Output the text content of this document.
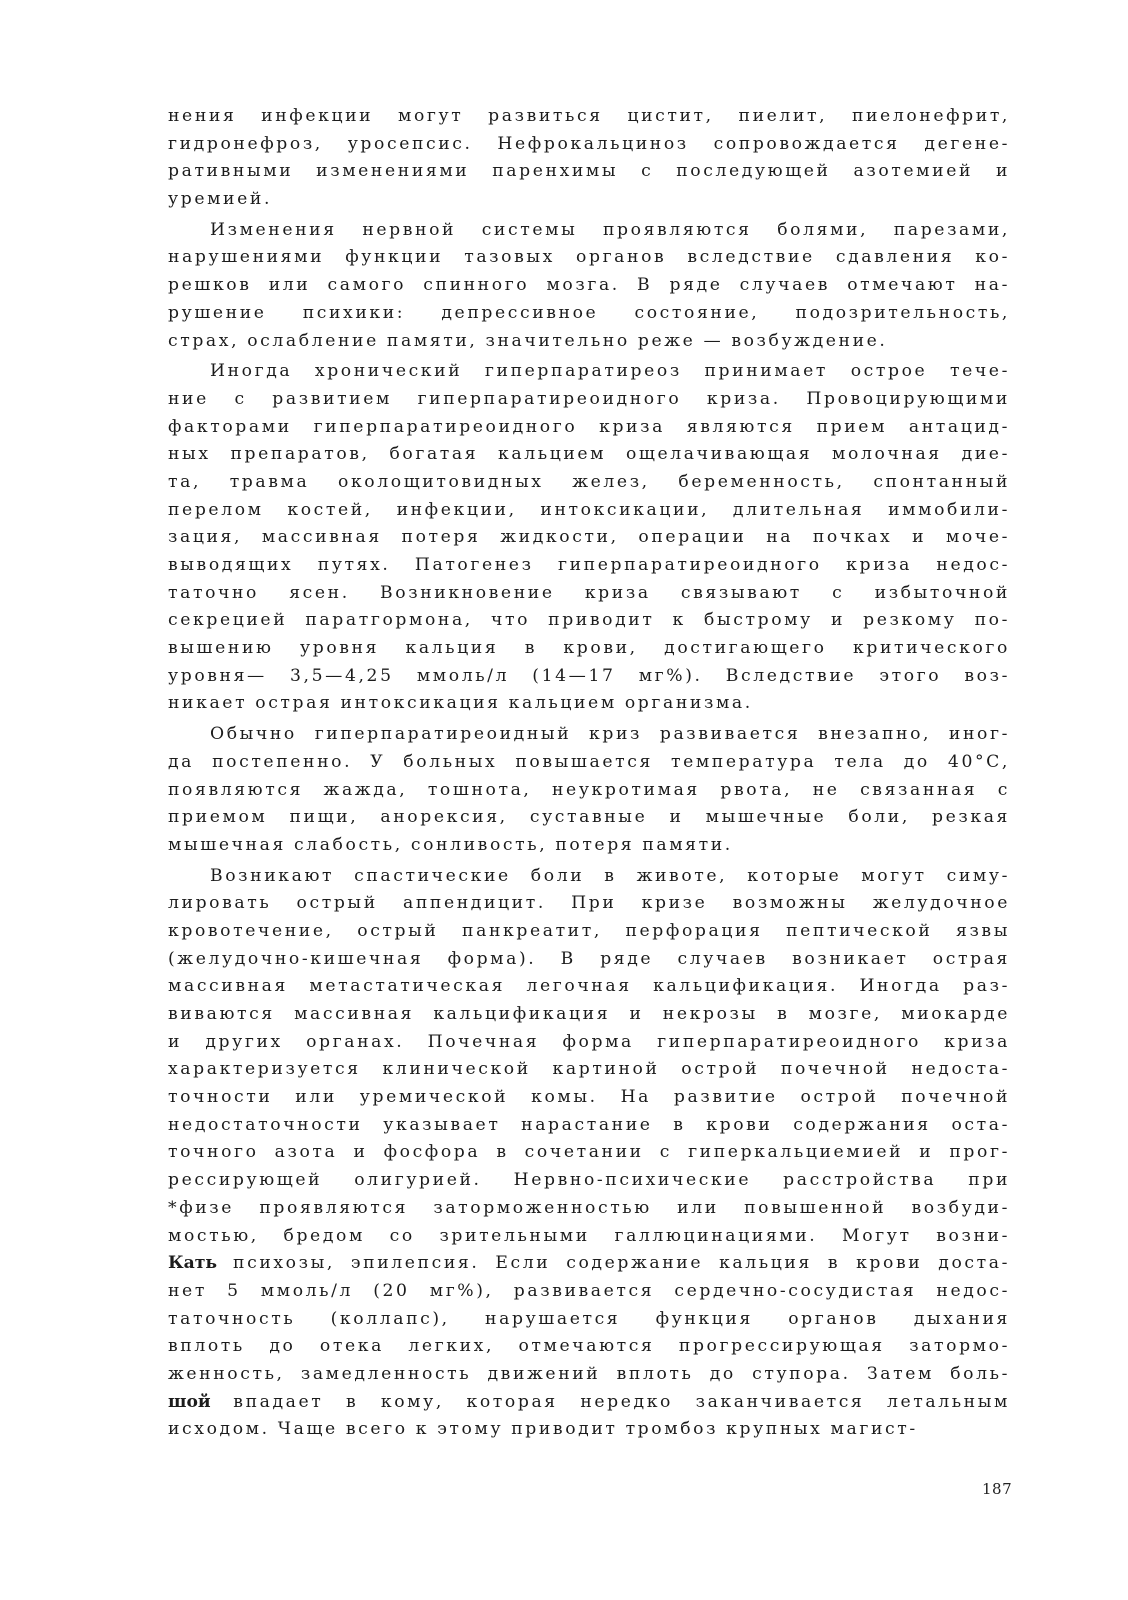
нения инфекции могут развиться цистит, пиелит, пиелонефрит,
гидронефроз, уросепсис. Нефрокальциноз сопровождается дегене-
ративными изменениями паренхимы с последующей азотемией и
уремией.
Изменения нервной системы проявляются болями, парезами,
нарушениями функции тазовых органов вследствие сдавления ко-
решков или самого спинного мозга. В ряде случаев отмечают на-
рушение психики: депрессивное состояние, подозрительность,
страх, ослабление памяти, значительно реже — возбуждение.
Иногда хронический гиперпаратиреоз принимает острое тече-
ние с развитием гиперпаратиреоидного криза. Провоцирующими
факторами гиперпаратиреоидного криза являются прием антацид-
ных препаратов, богатая кальцием ощелачивающая молочная дие-
та, травма околощитовидных желез, беременность, спонтанный
перелом костей, инфекции, интоксикации, длительная иммобили-
зация, массивная потеря жидкости, операции на почках и моче-
выводящих путях. Патогенез гиперпаратиреоидного криза недос-
таточно ясен. Возникновение криза связывают с избыточной
секрецией паратгормона, что приводит к быстрому и резкому по-
вышению уровня кальция в крови, достигающего критического
уровня— 3,5—4,25 ммоль/л (14—17 мг%). Вследствие этого воз-
никает острая интоксикация кальцием организма.
Обычно гиперпаратиреоидный криз развивается внезапно, иног-
да постепенно. У больных повышается температура тела до 40°С,
появляются жажда, тошнота, неукротимая рвота, не связанная с
приемом пищи, анорексия, суставные и мышечные боли, резкая
мышечная слабость, сонливость, потеря памяти.
Возникают спастические боли в животе, которые могут симу-
лировать острый аппендицит. При кризе возможны желудочное
кровотечение, острый панкреатит, перфорация пептической язвы
(желудочно-кишечная форма). В ряде случаев возникает острая
массивная метастатическая легочная кальцификация. Иногда раз-
виваются массивная кальцификация и некрозы в мозге, миокарде
и других органах. Почечная форма гиперпаратиреоидного криза
характеризуется клинической картиной острой почечной недоста-
точности или уремической комы. На развитие острой почечной
недостаточности указывает нарастание в крови содержания оста-
точного азота и фосфора в сочетании с гиперкальциемией и прог-
рессирующей олигурией. Нервно-психические расстройства при
*физе проявляются заторможенностью или повышенной возбуди-
мостью, бредом со зрительными галлюцинациями. Могут возни-
Кать психозы, эпилепсия. Если содержание кальция в крови доста-
нет 5 ммоль/л (20 мг%), развивается сердечно-сосудистая недос-
таточность (коллапс), нарушается функция органов дыхания
вплоть до отека легких, отмечаются прогрессирующая затормо-
женность, замедленность движений вплоть до ступора. Затем боль-
шой впадает в кому, которая нередко заканчивается летальным
исходом. Чаще всего к этому приводит тромбоз крупных магист-
187
